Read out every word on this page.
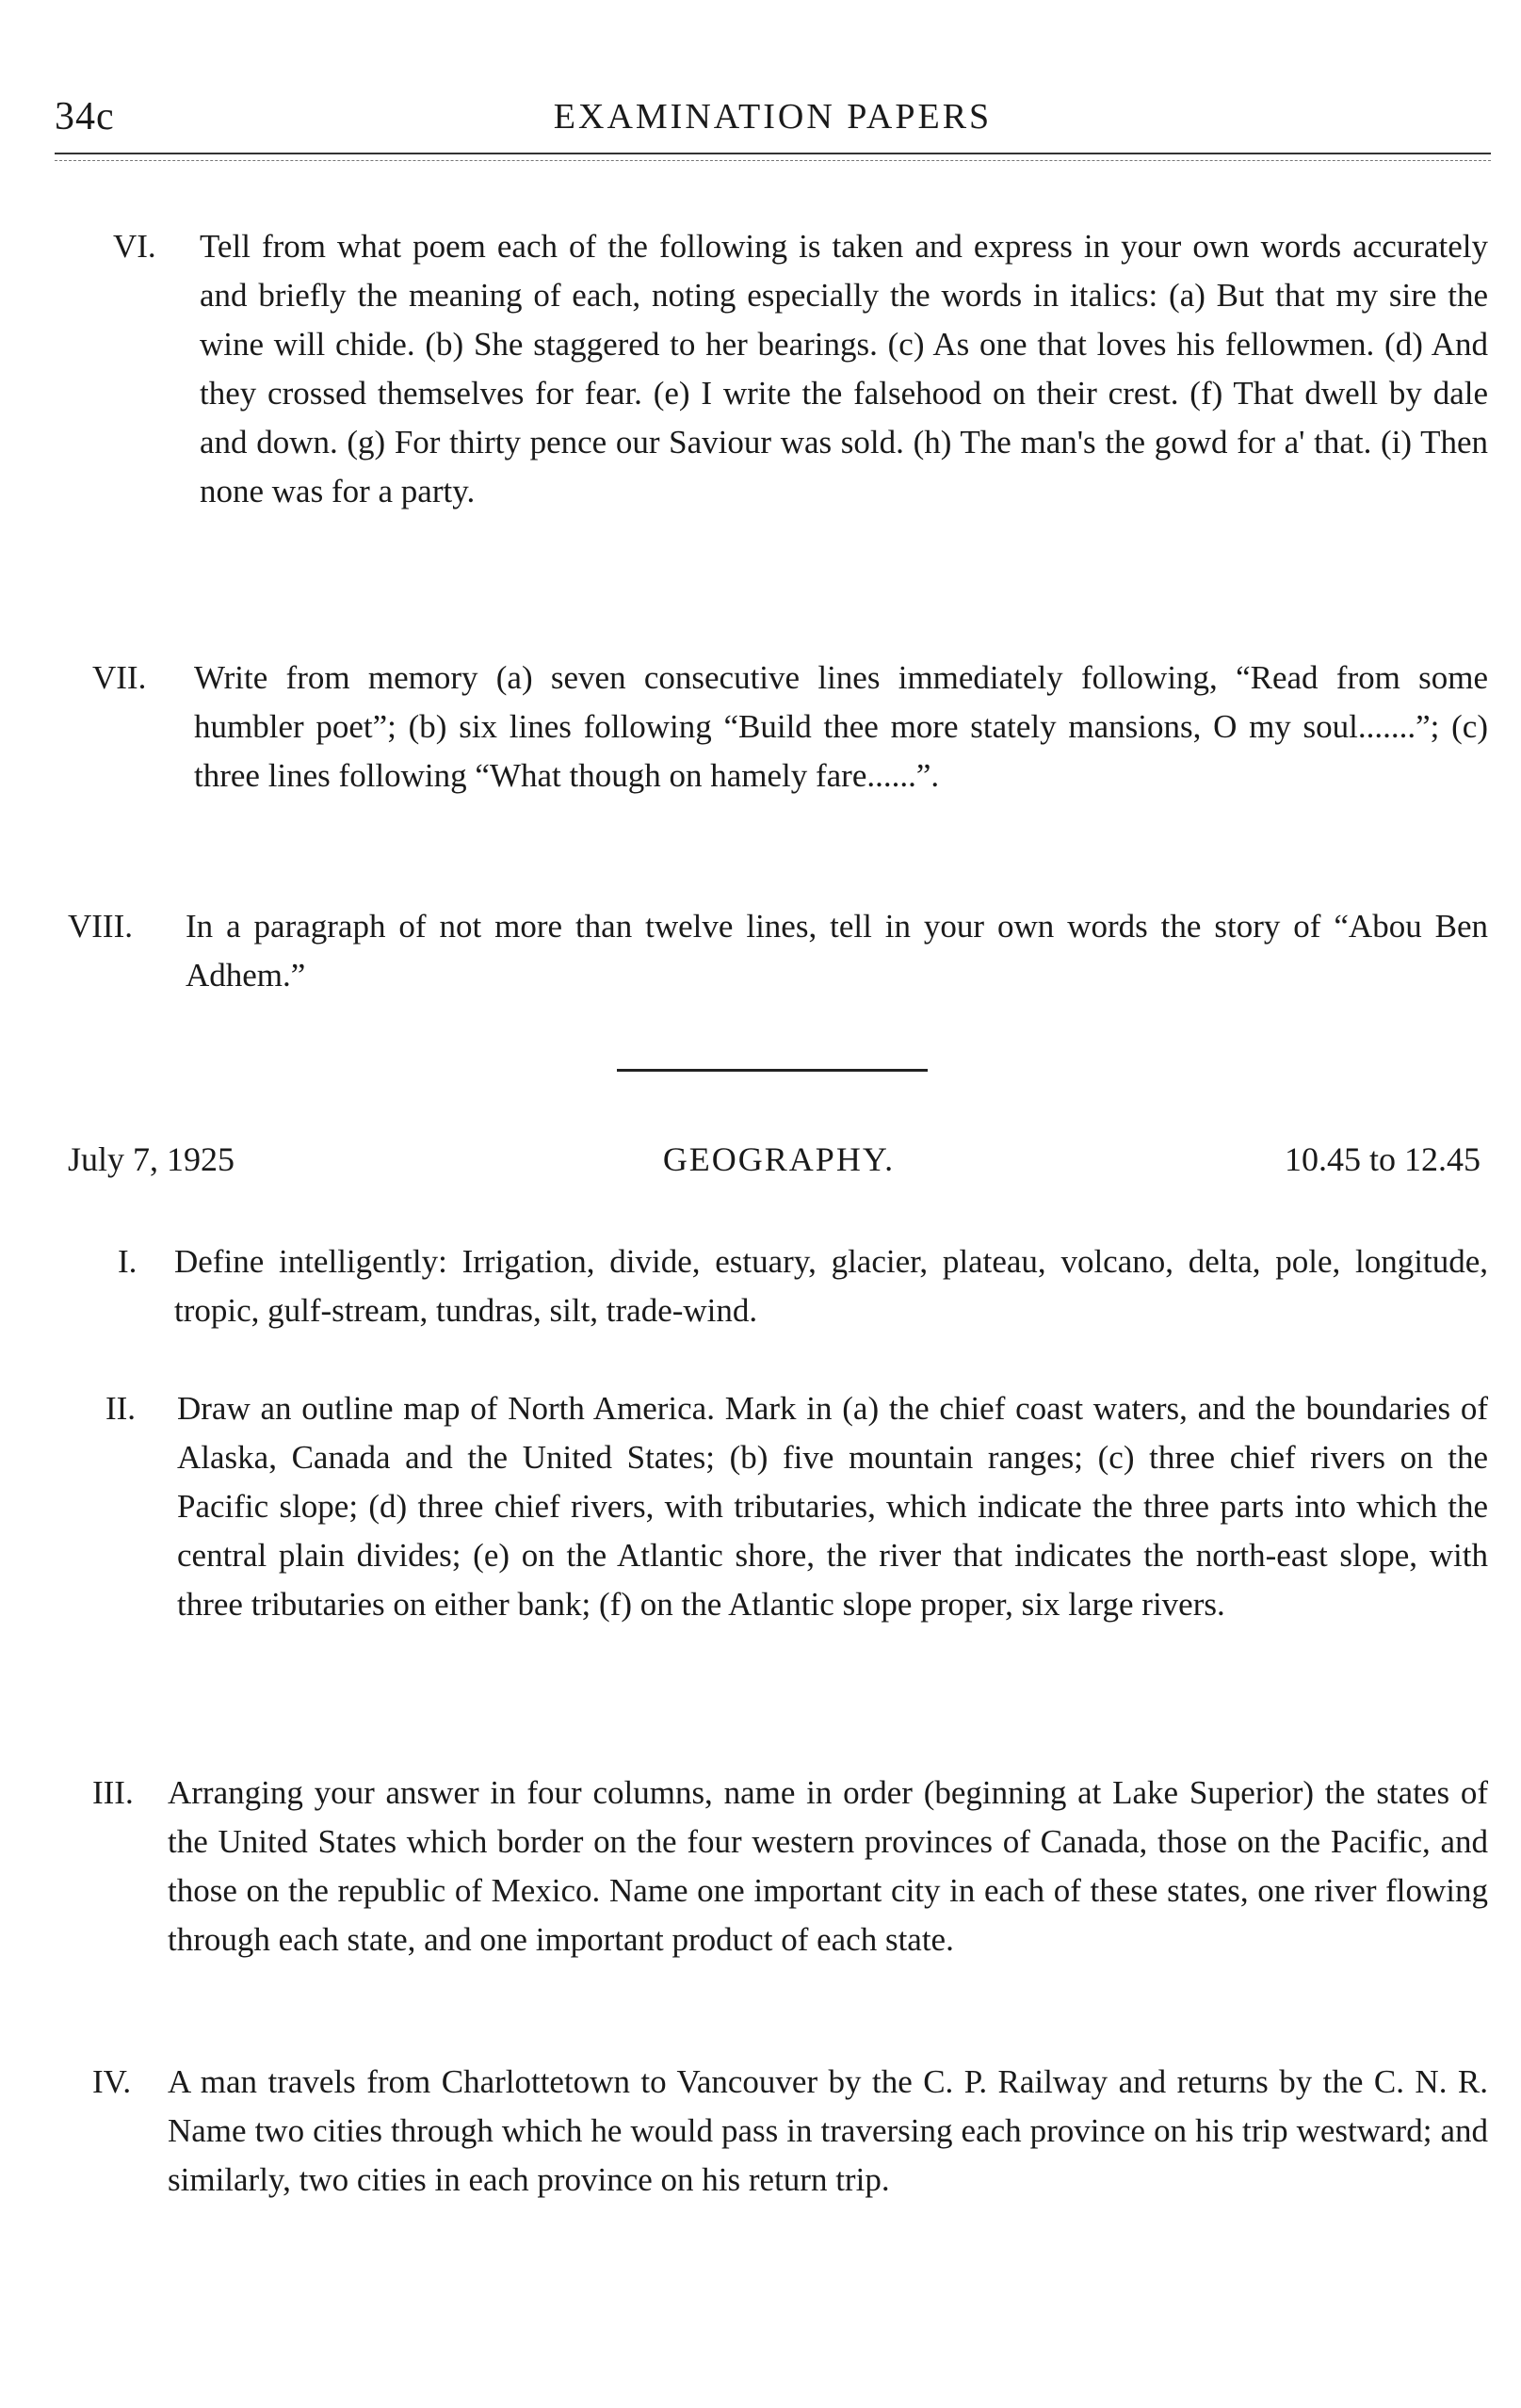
34c	EXAMINATION PAPERS
VI. Tell from what poem each of the following is taken and express in your own words accurately and briefly the meaning of each, noting especially the words in italics: (a) But that my sire the wine will chide. (b) She staggered to her bearings. (c) As one that loves his fellowmen. (d) And they crossed themselves for fear. (e) I write the falsehood on their crest. (f) That dwell by dale and down. (g) For thirty pence our Saviour was sold. (h) The man's the gowd for a' that. (i) Then none was for a party.
VII. Write from memory (a) seven consecutive lines immediately following, “Read from some humbler poet”; (b) six lines following “Build thee more stately mansions, O my soul.......”; (c) three lines following “What though on hamely fare......”.
VIII. In a paragraph of not more than twelve lines, tell in your own words the story of “Abou Ben Adhem.”
July 7, 1925	GEOGRAPHY.	10.45 to 12.45
I. Define intelligently: Irrigation, divide, estuary, glacier, plateau, volcano, delta, pole, longitude, tropic, gulf-stream, tundras, silt, trade-wind.
II. Draw an outline map of North America. Mark in (a) the chief coast waters, and the boundaries of Alaska, Canada and the United States; (b) five mountain ranges; (c) three chief rivers on the Pacific slope; (d) three chief rivers, with tributaries, which indicate the three parts into which the central plain divides; (e) on the Atlantic shore, the river that indicates the north-east slope, with three tributaries on either bank; (f) on the Atlantic slope proper, six large rivers.
III. Arranging your answer in four columns, name in order (beginning at Lake Superior) the states of the United States which border on the four western provinces of Canada, those on the Pacific, and those on the republic of Mexico. Name one important city in each of these states, one river flowing through each state, and one important product of each state.
IV. A man travels from Charlottetown to Vancouver by the C. P. Railway and returns by the C. N. R. Name two cities through which he would pass in traversing each province on his trip westward; and similarly, two cities in each province on his return trip.
